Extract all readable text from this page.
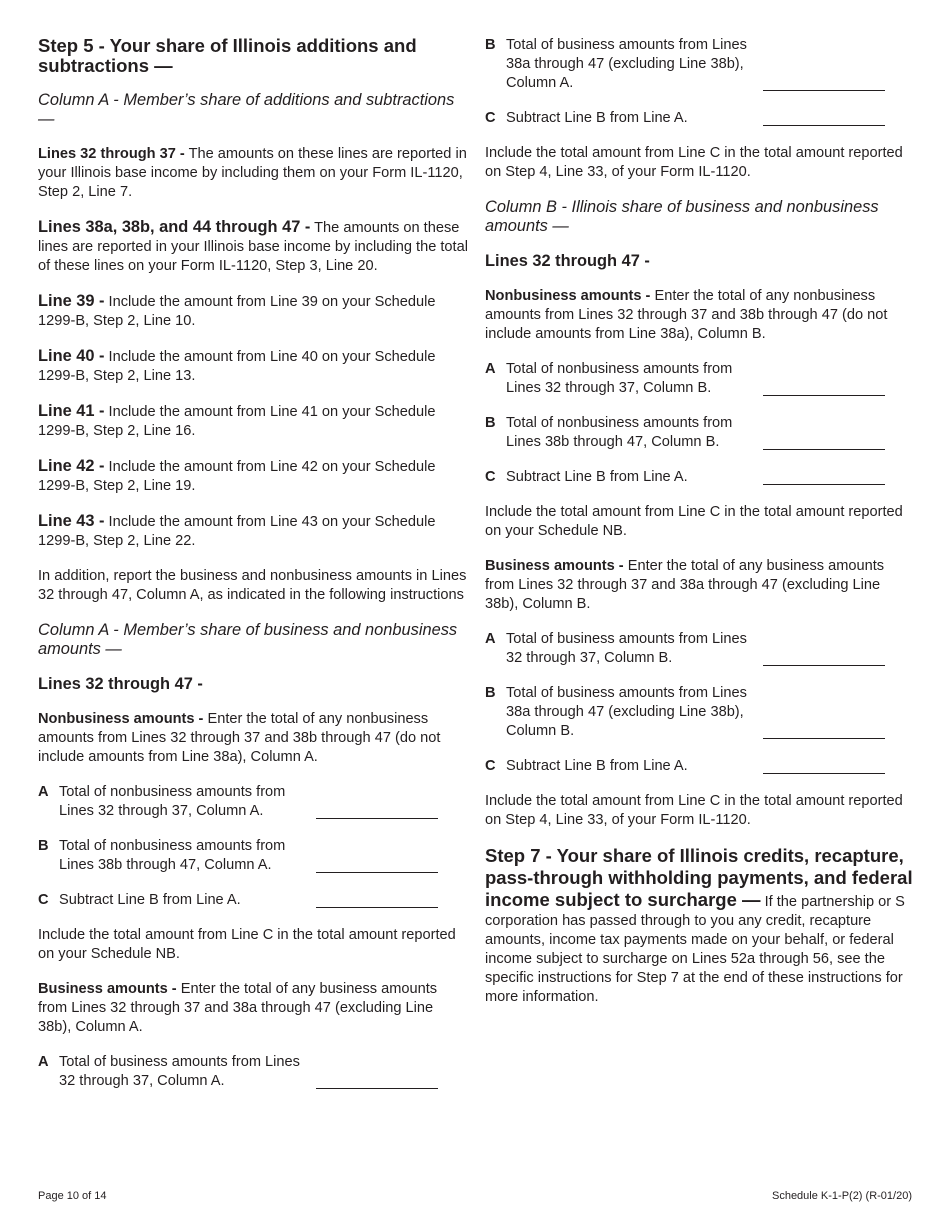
Step 5 - Your share of Illinois additions and subtractions —
Column A - Member’s share of additions and subtractions —

Lines 32 through 37 - The amounts on these lines are reported in your Illinois base income by including them on your Form IL-1120, Step 2, Line 7.

Lines 38a, 38b, and 44 through 47 - The amounts on these lines are reported in your Illinois base income by including the total of these lines on your Form IL-1120, Step 3, Line 20.

Line 39 - Include the amount from Line 39 on your Schedule 1299-B, Step 2, Line 10.

Line 40 - Include the amount from Line 40 on your Schedule 1299-B, Step 2, Line 13.

Line 41 - Include the amount from Line 41 on your Schedule 1299-B, Step 2, Line 16.

Line 42 - Include the amount from Line 42 on your Schedule 1299-B, Step 2, Line 19.

Line 43 - Include the amount from Line 43 on your Schedule 1299-B, Step 2, Line 22.

In addition, report the business and nonbusiness amounts in Lines 32 through 47, Column A, as indicated in the following instructions

Column A - Member’s share of business and nonbusiness amounts —
Lines 32 through 47 -

Nonbusiness amounts - Enter the total of any nonbusiness amounts from Lines 32 through 37 and 38b through 47 (do not include amounts from Line 38a), Column A.

A Total of nonbusiness amounts from Lines 32 through 37, Column A.
B Total of nonbusiness amounts from Lines 38b through 47, Column A.
C Subtract Line B from Line A.

Include the total amount from Line C in the total amount reported on your Schedule NB.

Business amounts - Enter the total of any business amounts from Lines 32 through 37 and 38a through 47 (excluding Line 38b), Column A.

A Total of business amounts from Lines 32 through 37, Column A.
B Total of business amounts from Lines 38a through 47 (excluding Line 38b), Column A.
C Subtract Line B from Line A.

Include the total amount from Line C in the total amount reported on Step 4, Line 33, of your Form IL-1120.

Column B - Illinois share of business and nonbusiness amounts —
Lines 32 through 47 -

Nonbusiness amounts - Enter the total of any nonbusiness amounts from Lines 32 through 37 and 38b through 47 (do not include amounts from Line 38a), Column B.

A Total of nonbusiness amounts from Lines 32 through 37, Column B.
B Total of nonbusiness amounts from Lines 38b through 47, Column B.
C Subtract Line B from Line A.

Include the total amount from Line C in the total amount reported on your Schedule NB.

Business amounts - Enter the total of any business amounts from Lines 32 through 37 and 38a through 47 (excluding Line 38b), Column B.

A Total of business amounts from Lines 32 through 37, Column B.
B Total of business amounts from Lines 38a through 47 (excluding Line 38b), Column B.
C Subtract Line B from Line A.

Include the total amount from Line C in the total amount reported on Step 4, Line 33, of your Form IL-1120.

Step 7 - Your share of Illinois credits, recapture, pass-through withholding payments, and federal income subject to surcharge — If the partnership or S corporation has passed through to you any credit, recapture amounts, income tax payments made on your behalf, or federal income subject to surcharge on Lines 52a through 56, see the specific instructions for Step 7 at the end of these instructions for more information.

Page 10 of 14	Schedule K-1-P(2) (R-01/20)
